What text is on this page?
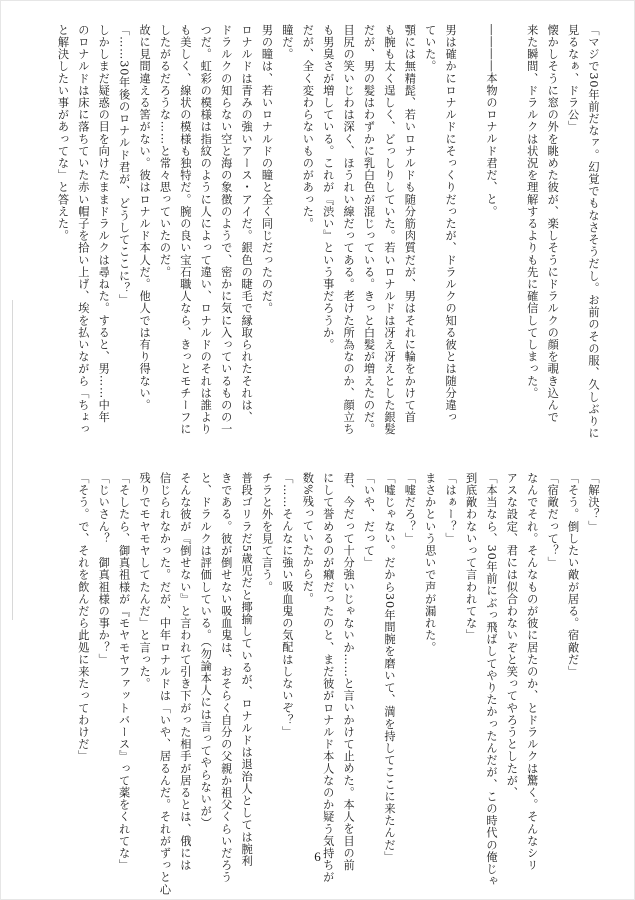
「マジで30年前だなァ。幻覚でもなさそうだし。お前のその服、久しぶりに
見るなぁ、ドラ公」
懐かしそうに窓の外を眺めた彼が、楽しそうにドラルクの顔を覗き込んで
来た瞬間、ドラルクは状況を理解するよりも先に確信してしまった。

――――本物のロナルド君だ、と。

男は確かにロナルドにそっくりだったが、ドラルクの知る彼とは随分違っ
ていた。
顎には無精髭、若いロナルドも随分筋肉質だが、男はそれに輪をかけて首
も腕も太く逞しく、どっしりしていた。若いロナルドは冴え冴えとした銀髪
だが、男の髪はわずかに乳白色が混じっている。きっと白髪が増えたのだ。
目尻の笑いじわは深く、ほうれい線だってある。老けた所為なのか、顔立ち
も男臭さが増している。これが『渋い』という事だろうか。
だが、全く変わらないものがあった。
瞳だ。
男の瞳は、若いロナルドの瞳と全く同じだったのだ。
ロナルドは青みの強いアース・アイだ。銀色の睫毛で縁取られたそれは、
ドラルクの知らない空と海の象徴のようで、密かに気に入っているものの一
つだ。虹彩の模様は指紋のように人によって違い、ロナルドのそれは誰より
も美しく、線状の模様も独特だ。腕の良い宝石職人なら、きっとモチーフに
したがるだろうな……と常々思っていたのだ。
故に見間違える筈がない。彼はロナルド本人だ。他人では有り得ない。
「……30年後のロナルド君が、どうしてここに？」
しかしまだ疑惑の目を向けたままドラルクは尋ねた。すると、男……中年
のロナルドは床に落ちていた赤い帽子を拾い上げ、埃を払いながら「ちょっ
と解決したい事があってな」と答えた。
「解決？」
「そう。倒したい敵が居る。宿敵だ」
「宿敵だって？」
なんでそれ。そんなものが彼に居たのか、とドラルクは驚く。そんなシリ
アスな設定、君には似合わないぞと笑ってやろうとしたが、
「本当なら、30年前にぶっ飛ばしてやりたかったんだが、この時代の俺じゃ
到底敵わないって言われてな」
「はぁー？」
まさかという思いで声が漏れた。
「嘘だろ？」
「嘘じゃない。だから30年間腕を磨いて、満を持してここに来たんだ」
「いや、だって」
君、今だって十分強いじゃないか……と言いかけて止めた。本人を目の前
にして誉めるのが癪だったのと、まだ彼がロナルド本人なのか疑う気持ちが
数%残っていたからだ。
「……そんなに強い吸血鬼の気配はしないぞ？」
チラと外を見て言う。
普段ゴリラだ5歳児だと揶揄しているが、ロナルドは退治人としては腕利
きである。彼が倒せない吸血鬼は、おそらく自分の父親か祖父くらいだろう
と、ドラルクは評価している。（勿論本人には言ってやらないが）
そんな彼が『倒せない』と言われて引き下がった相手が居るとは、俄には
信じられなかった。だが、中年ロナルドは「いや、居るんだ。それがずっと心
残りでモヤモヤしてたんだ」と言った。
「そしたら、御真祖様が『モヤモヤファットバース』って薬をくれてな」
「じいさん？　御真祖様の事か？」
「そう。で、それを飲んだら此処に来たってわけだ」
6
